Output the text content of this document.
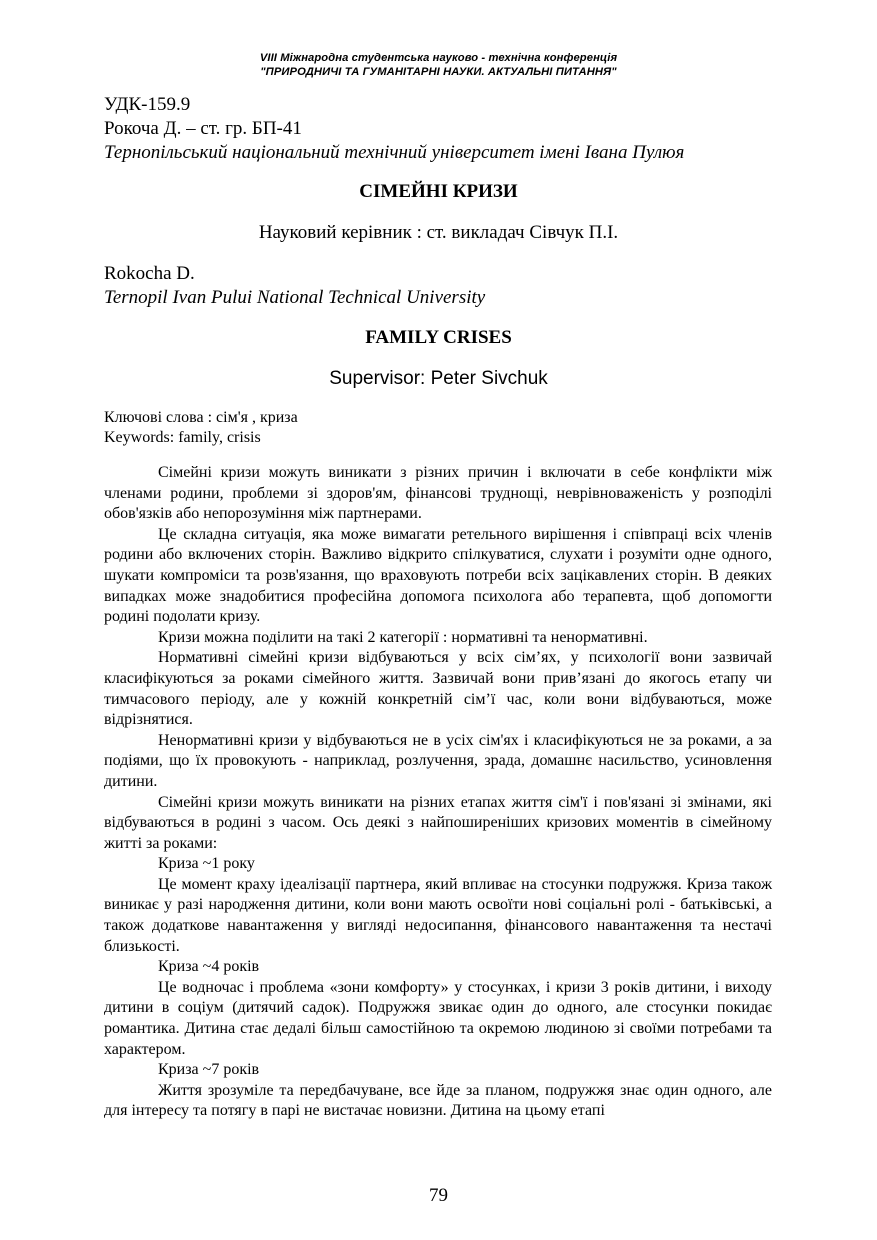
VIII Міжнародна студентська науково - технічна конференція
"ПРИРОДНИЧІ ТА ГУМАНІТАРНІ НАУКИ. АКТУАЛЬНІ ПИТАННЯ"
УДК-159.9
Рокоча Д. – ст. гр. БП-41
Тернопільський національний технічний університет імені Івана Пулюя
СІМЕЙНІ КРИЗИ
Науковий керівник : ст. викладач Сівчук П.І.
Rokocha D.
Ternopil Ivan Pului National Technical University
FAMILY CRISES
Supervisor: Peter Sivchuk
Ключові слова : сім'я , криза
Keywords: family, crisis

Сімейні кризи можуть виникати з різних причин і включати в себе конфлікти між членами родини, проблеми зі здоров'ям, фінансові труднощі, неврівноваженість у розподілі обов'язків або непорозуміння між партнерами.

Це складна ситуація, яка може вимагати ретельного вирішення і співпраці всіх членів родини або включених сторін. Важливо відкрито спілкуватися, слухати і розуміти одне одного, шукати компроміси та розв'язання, що враховують потреби всіх зацікавлених сторін. В деяких випадках може знадобитися професійна допомога психолога або терапевта, щоб допомогти родині подолати кризу.

Кризи можна поділити на такі 2 категорії : нормативні та ненормативні.

Нормативні сімейні кризи відбуваються у всіх сім’ях, у психології вони зазвичай класифікуються за роками сімейного життя. Зазвичай вони прив’язані до якогось етапу чи тимчасового періоду, але у кожній конкретній сім’ї час, коли вони відбуваються, може відрізнятися.

Ненормативні кризи у відбуваються не в усіх сім'ях і класифікуються не за роками, а за подіями, що їх провокують - наприклад, розлучення, зрада, домашнє насильство, усиновлення дитини.

Сімейні кризи можуть виникати на різних етапах життя сім'ї і пов'язані зі змінами, які відбуваються в родині з часом. Ось деякі з найпоширеніших кризових моментів в сімейному житті за роками:

Криза ~1 року

Це момент краху ідеалізації партнера, який впливає на стосунки подружжя. Криза також виникає у разі народження дитини, коли вони мають освоїти нові соціальні ролі - батьківські, а також додаткове навантаження у вигляді недосипання, фінансового навантаження та нестачі близькості.

Криза ~4 років

Це водночас і проблема «зони комфорту» у стосунках, і кризи 3 років дитини, і виходу дитини в соціум (дитячий садок). Подружжя звикає один до одного, але стосунки покидає романтика. Дитина стає дедалі більш самостійною та окремою людиною зі своїми потребами та характером.

Криза ~7 років

Життя зрозуміле та передбачуване, все йде за планом, подружжя знає один одного, але для інтересу та потягу в парі не вистачає новизни. Дитина на цьому етапі

79
